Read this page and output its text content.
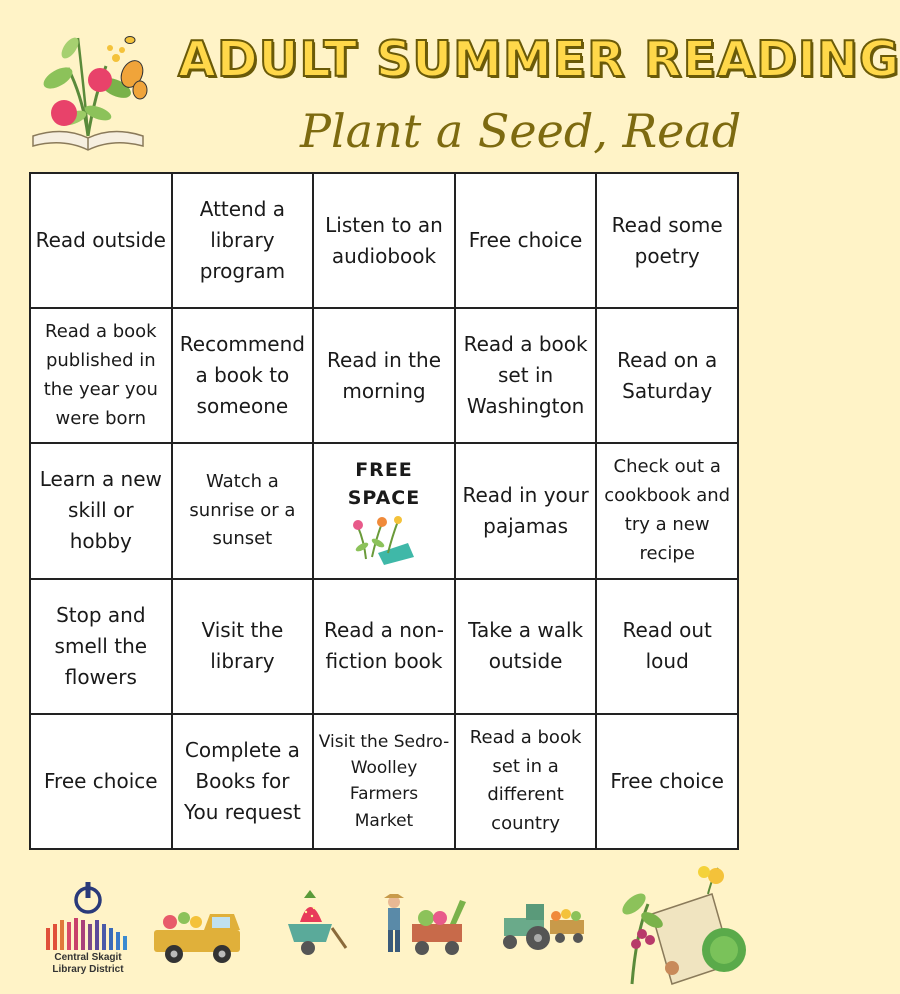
ADULT SUMMER READING
Plant a Seed, Read
Read outside
Attend a library program
Listen to an audiobook
Free choice
Read some poetry
Read a book published in the year you were born
Recommend a book to someone
Read in the morning
Read a book set in Washington
Read on a Saturday
Learn a new skill or hobby
Watch a sunrise or a sunset
FREE
SPACE	Read in your pajamas
Check out a cookbook and try a new recipe
Stop and smell the flowers
Visit the library
Read a non-fiction book
Take a walk outside
Read out loud
Free choice
Complete a Books for You request
Visit the Sedro-Woolley Farmers Market
Read a book set in a different country
Free choice
Central Skagit
Library District
